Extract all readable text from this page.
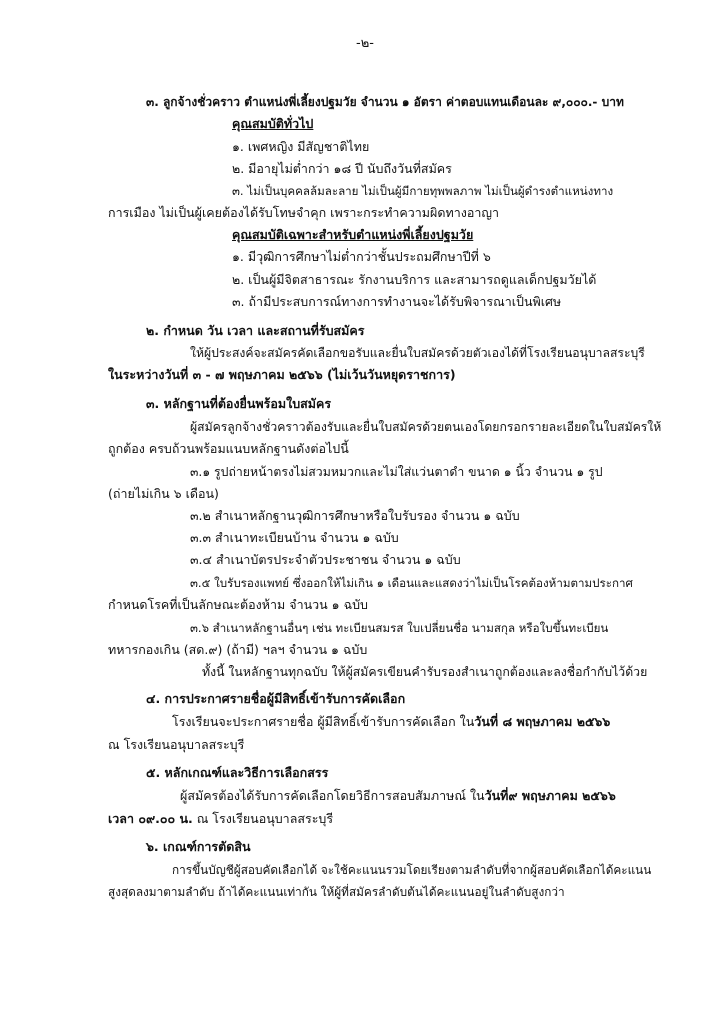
-๒-
๓. ลูกจ้างชั่วคราว ตำแหน่งพี่เลี้ยงปฐมวัย จำนวน ๑ อัตรา ค่าตอบแทนเดือนละ ๙,๐๐๐.- บาท
คุณสมบัติทั่วไป
๑. เพศหญิง มีสัญชาติไทย
๒. มีอายุไม่ต่ำกว่า ๑๘ ปี นับถึงวันที่สมัคร
๓. ไม่เป็นบุคคลล้มละลาย ไม่เป็นผู้มีกายทุพพลภาพ ไม่เป็นผู้ดำรงตำแหน่งทาง
การเมือง ไม่เป็นผู้เคยต้องได้รับโทษจำคุก เพราะกระทำความผิดทางอาญา
คุณสมบัติเฉพาะสำหรับตำแหน่งพี่เลี้ยงปฐมวัย
๑. มีวุฒิการศึกษาไม่ต่ำกว่าชั้นประถมศึกษาปีที่ ๖
๒. เป็นผู้มีจิตสาธารณะ รักงานบริการ และสามารถดูแลเด็กปฐมวัยได้
๓. ถ้ามีประสบการณ์ทางการทำงานจะได้รับพิจารณาเป็นพิเศษ
๒. กำหนด วัน เวลา และสถานที่รับสมัคร
ให้ผู้ประสงค์จะสมัครคัดเลือกขอรับและยื่นใบสมัครด้วยตัวเองได้ที่โรงเรียนอนุบาลสระบุรี
ในระหว่างวันที่ ๓ - ๗ พฤษภาคม ๒๕๖๖ (ไม่เว้นวันหยุดราชการ)
๓. หลักฐานที่ต้องยื่นพร้อมใบสมัคร
ผู้สมัครลูกจ้างชั่วคราวต้องรับและยื่นใบสมัครด้วยตนเองโดยกรอกรายละเอียดในใบสมัครให้
ถูกต้อง ครบถ้วนพร้อมแนบหลักฐานดังต่อไปนี้
๓.๑ รูปถ่ายหน้าตรงไม่สวมหมวกและไม่ใส่แว่นตาดำ ขนาด ๑ นิ้ว จำนวน ๑ รูป
(ถ่ายไม่เกิน ๖ เดือน)
๓.๒ สำเนาหลักฐานวุฒิการศึกษาหรือใบรับรอง จำนวน ๑ ฉบับ
๓.๓ สำเนาทะเบียนบ้าน จำนวน ๑ ฉบับ
๓.๔ สำเนาบัตรประจำตัวประชาชน จำนวน ๑ ฉบับ
๓.๕ ใบรับรองแพทย์ ซึ่งออกให้ไม่เกิน ๑ เดือนและแสดงว่าไม่เป็นโรคต้องห้ามตามประกาศ
กำหนดโรคที่เป็นลักษณะต้องห้าม จำนวน ๑ ฉบับ
๓.๖ สำเนาหลักฐานอื่นๆ เช่น ทะเบียนสมรส ใบเปลี่ยนชื่อ นามสกุล หรือใบขึ้นทะเบียน
ทหารกองเกิน (สด.๙) (ถ้ามี) ฯลฯ จำนวน ๑ ฉบับ
ทั้งนี้ ในหลักฐานทุกฉบับ ให้ผู้สมัครเขียนคำรับรองสำเนาถูกต้องและลงชื่อกำกับไว้ด้วย
๔. การประกาศรายชื่อผู้มีสิทธิ์เข้ารับการคัดเลือก
โรงเรียนจะประกาศรายชื่อ ผู้มีสิทธิ์เข้ารับการคัดเลือก ในวันที่ ๘ พฤษภาคม ๒๕๖๖
ณ โรงเรียนอนุบาลสระบุรี
๕. หลักเกณฑ์และวิธีการเลือกสรร
ผู้สมัครต้องได้รับการคัดเลือกโดยวิธีการสอบสัมภาษณ์ ในวันที่๙ พฤษภาคม ๒๕๖๖
เวลา ๐๙.๐๐ น. ณ โรงเรียนอนุบาลสระบุรี
๖. เกณฑ์การตัดสิน
การขึ้นบัญชีผู้สอบคัดเลือกได้ จะใช้คะแนนรวมโดยเรียงตามลำดับที่จากผู้สอบคัดเลือกได้คะแนน
สูงสุดลงมาตามลำดับ ถ้าได้คะแนนเท่ากัน ให้ผู้ที่สมัครลำดับต้นได้คะแนนอยู่ในลำดับสูงกว่า
